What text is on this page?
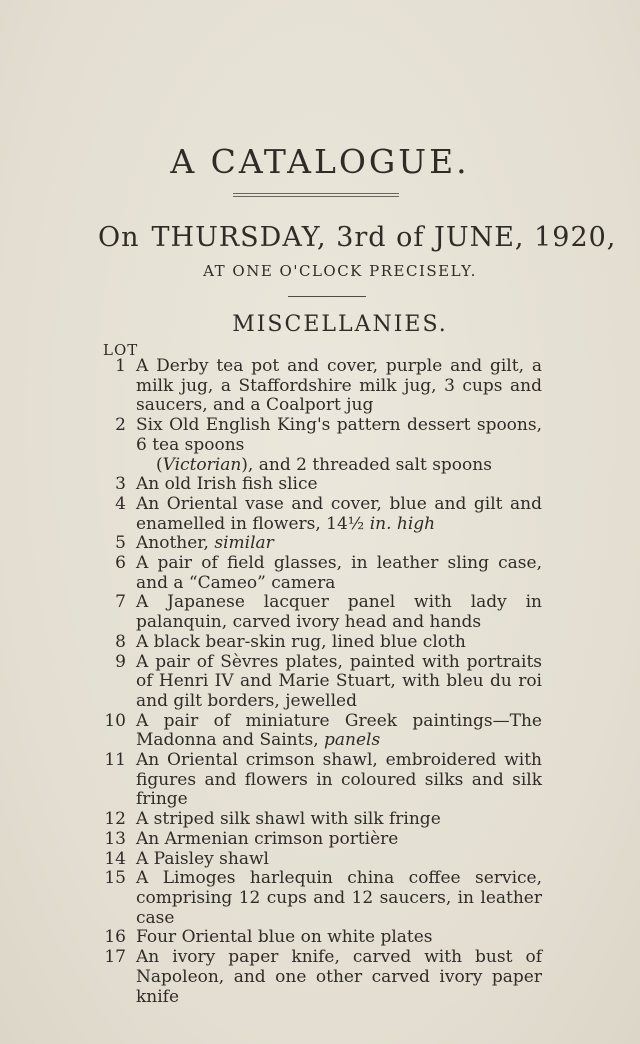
A CATALOGUE.
On THURSDAY, 3rd of JUNE, 1920,
AT ONE O'CLOCK PRECISELY.
MISCELLANIES.
LOT
1 A Derby tea pot and cover, purple and gilt, a milk jug, a Staffordshire milk jug, 3 cups and saucers, and a Coalport jug
2 Six Old English King's pattern dessert spoons, 6 tea spoons
(Victorian), and 2 threaded salt spoons
3 An old Irish fish slice
4 An Oriental vase and cover, blue and gilt and enamelled in flowers, 14½ in. high
5 Another, similar
6 A pair of field glasses, in leather sling case, and a “Cameo” camera
7 A Japanese lacquer panel with lady in palanquin, carved ivory head and hands
8 A black bear-skin rug, lined blue cloth
9 A pair of Sèvres plates, painted with portraits of Henri IV and Marie Stuart, with bleu du roi and gilt borders, jewelled
10 A pair of miniature Greek paintings—The Madonna and Saints, panels
11 An Oriental crimson shawl, embroidered with figures and flowers in coloured silks and silk fringe
12 A striped silk shawl with silk fringe
13 An Armenian crimson portière
14 A Paisley shawl
15 A Limoges harlequin china coffee service, comprising 12 cups and 12 saucers, in leather case
16 Four Oriental blue on white plates
17 An ivory paper knife, carved with bust of Napoleon, and one other carved ivory paper knife
